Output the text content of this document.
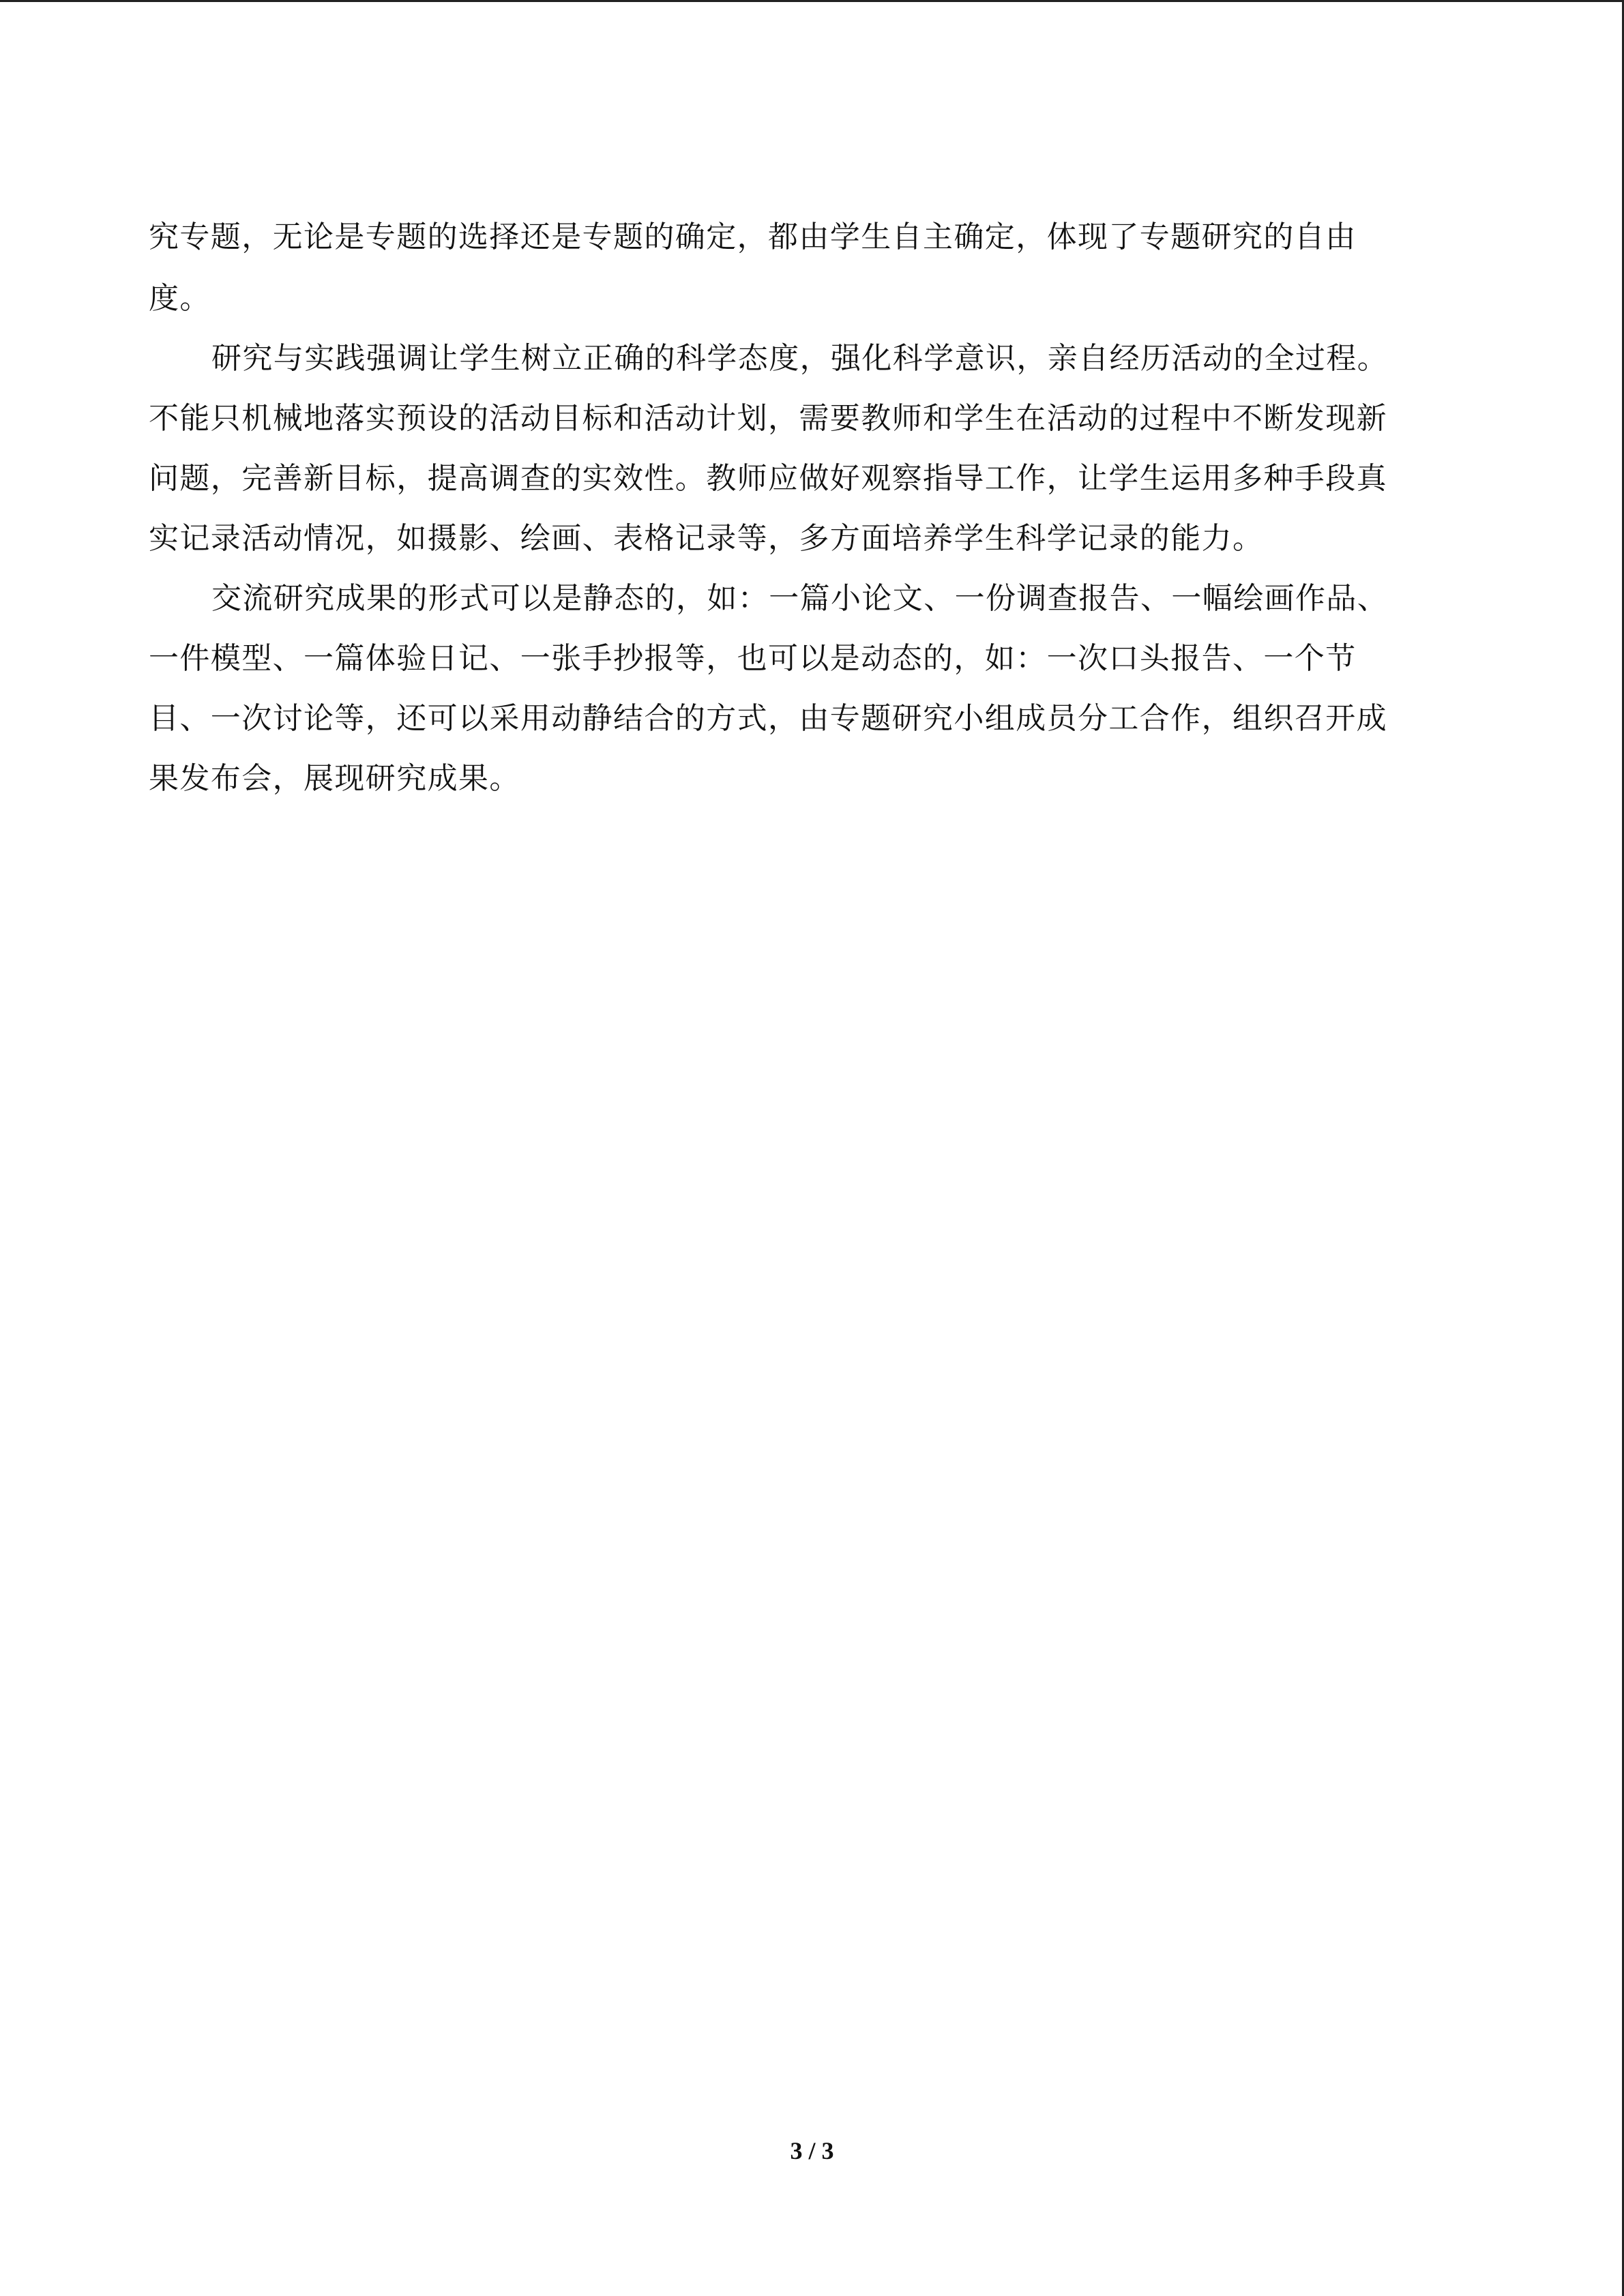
究专题，无论是专题的选择还是专题的确定，都由学生自主确定，体现了专题研究的自由
度。
研究与实践强调让学生树立正确的科学态度，强化科学意识，亲自经历活动的全过程。
不能只机械地落实预设的活动目标和活动计划，需要教师和学生在活动的过程中不断发现新
问题，完善新目标，提高调查的实效性。教师应做好观察指导工作，让学生运用多种手段真
实记录活动情况，如摄影、绘画、表格记录等，多方面培养学生科学记录的能力。
交流研究成果的形式可以是静态的，如：一篇小论文、一份调查报告、一幅绘画作品、
一件模型、一篇体验日记、一张手抄报等，也可以是动态的，如：一次口头报告、一个节
目、一次讨论等，还可以采用动静结合的方式，由专题研究小组成员分工合作，组织召开成
果发布会，展现研究成果。
3 / 3
